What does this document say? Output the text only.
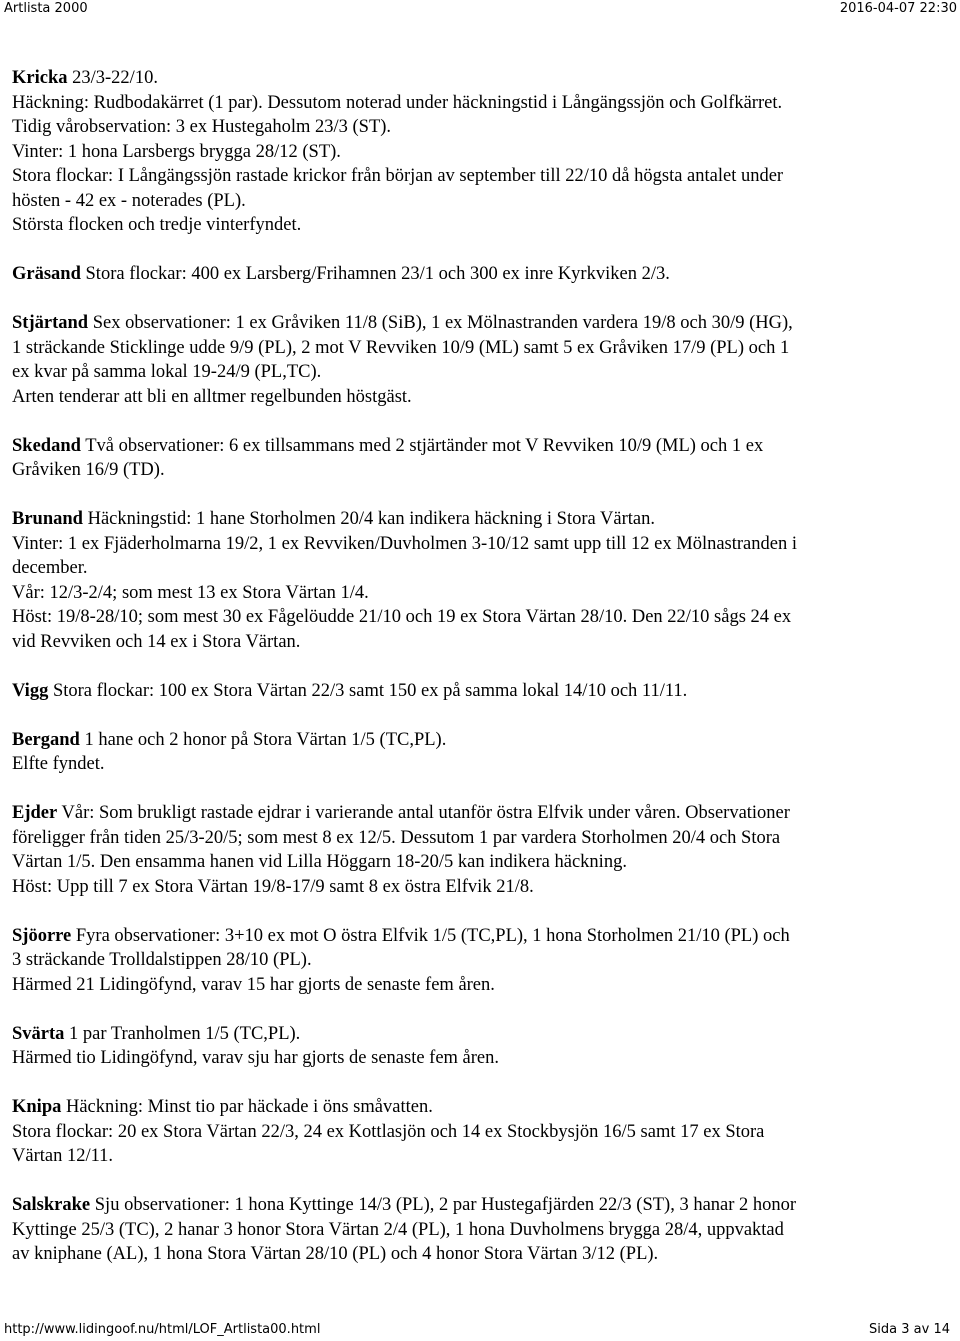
Artlista 2000	2016-04-07 22:30
Kricka 23/3-22/10.
Häckning: Rudbodakärret (1 par). Dessutom noterad under häckningstid i Långängssjön och Golfkärret.
Tidig vårobservation: 3 ex Hustegaholm 23/3 (ST).
Vinter: 1 hona Larsbergs brygga 28/12 (ST).
Stora flockar: I Långängssjön rastade krickor från början av september till 22/10 då högsta antalet under
hösten - 42 ex - noterades (PL).
Största flocken och tredje vinterfyndet.
Gräsand Stora flockar: 400 ex Larsberg/Frihamnen 23/1 och 300 ex inre Kyrkviken 2/3.
Stjärtand Sex observationer: 1 ex Gråviken 11/8 (SiB), 1 ex Mölnastranden vardera 19/8 och 30/9 (HG),
1 sträckande Sticklinge udde 9/9 (PL), 2 mot V Revviken 10/9 (ML) samt 5 ex Gråviken 17/9 (PL) och 1
ex kvar på samma lokal 19-24/9 (PL,TC).
Arten tenderar att bli en alltmer regelbunden höstgäst.
Skedand Två observationer: 6 ex tillsammans med 2 stjärtänder mot V Revviken 10/9 (ML) och 1 ex
Gråviken 16/9 (TD).
Brunand Häckningstid: 1 hane Storholmen 20/4 kan indikera häckning i Stora Värtan.
Vinter: 1 ex Fjäderholmarna 19/2, 1 ex Revviken/Duvholmen 3-10/12 samt upp till 12 ex Mölnastranden i
december.
Vår: 12/3-2/4; som mest 13 ex Stora Värtan 1/4.
Höst: 19/8-28/10; som mest 30 ex Fågelöudde 21/10 och 19 ex Stora Värtan 28/10. Den 22/10 sågs 24 ex
vid Revviken och 14 ex i Stora Värtan.
Vigg Stora flockar: 100 ex Stora Värtan 22/3 samt 150 ex på samma lokal 14/10 och 11/11.
Bergand 1 hane och 2 honor på Stora Värtan 1/5 (TC,PL).
Elfte fyndet.
Ejder Vår: Som brukligt rastade ejdrar i varierande antal utanför östra Elfvik under våren. Observationer
föreligger från tiden 25/3-20/5; som mest 8 ex 12/5. Dessutom 1 par vardera Storholmen 20/4 och Stora
Värtan 1/5. Den ensamma hanen vid Lilla Höggarn 18-20/5 kan indikera häckning.
Höst: Upp till 7 ex Stora Värtan 19/8-17/9 samt 8 ex östra Elfvik 21/8.
Sjöorre Fyra observationer: 3+10 ex mot O östra Elfvik 1/5 (TC,PL), 1 hona Storholmen 21/10 (PL) och
3 sträckande Trolldalstippen 28/10 (PL).
Härmed 21 Lidingöfynd, varav 15 har gjorts de senaste fem åren.
Svärta 1 par Tranholmen 1/5 (TC,PL).
Härmed tio Lidingöfynd, varav sju har gjorts de senaste fem åren.
Knipa Häckning: Minst tio par häckade i öns småvatten.
Stora flockar: 20 ex Stora Värtan 22/3, 24 ex Kottlasjön och 14 ex Stockbysjön 16/5 samt 17 ex Stora
Värtan 12/11.
Salskrake Sju observationer: 1 hona Kyttinge 14/3 (PL), 2 par Hustegafjärden 22/3 (ST), 3 hanar 2 honor
Kyttinge 25/3 (TC), 2 hanar 3 honor Stora Värtan 2/4 (PL), 1 hona Duvholmens brygga 28/4, uppvaktad
av kniphane (AL), 1 hona Stora Värtan 28/10 (PL) och 4 honor Stora Värtan 3/12 (PL).
http://www.lidingoof.nu/html/LOF_Artlista00.html	Sida 3 av 14
